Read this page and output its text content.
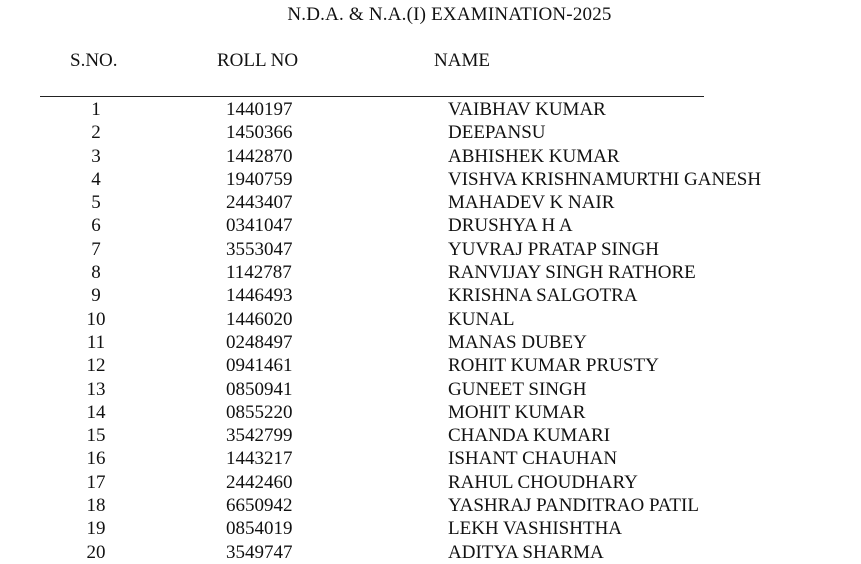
N.D.A. & N.A.(I) EXAMINATION-2025
S.NO.	ROLL NO	NAME
1	1440197	VAIBHAV KUMAR
2	1450366	DEEPANSU
3	1442870	ABHISHEK KUMAR
4	1940759	VISHVA KRISHNAMURTHI GANESH
5	2443407	MAHADEV K NAIR
6	0341047	DRUSHYA H A
7	3553047	YUVRAJ PRATAP SINGH
8	1142787	RANVIJAY SINGH RATHORE
9	1446493	KRISHNA SALGOTRA
10	1446020	KUNAL
11	0248497	MANAS DUBEY
12	0941461	ROHIT KUMAR PRUSTY
13	0850941	GUNEET SINGH
14	0855220	MOHIT KUMAR
15	3542799	CHANDA KUMARI
16	1443217	ISHANT CHAUHAN
17	2442460	RAHUL CHOUDHARY
18	6650942	YASHRAJ PANDITRAO PATIL
19	0854019	LEKH VASHISHTHA
20	3549747	ADITYA SHARMA
